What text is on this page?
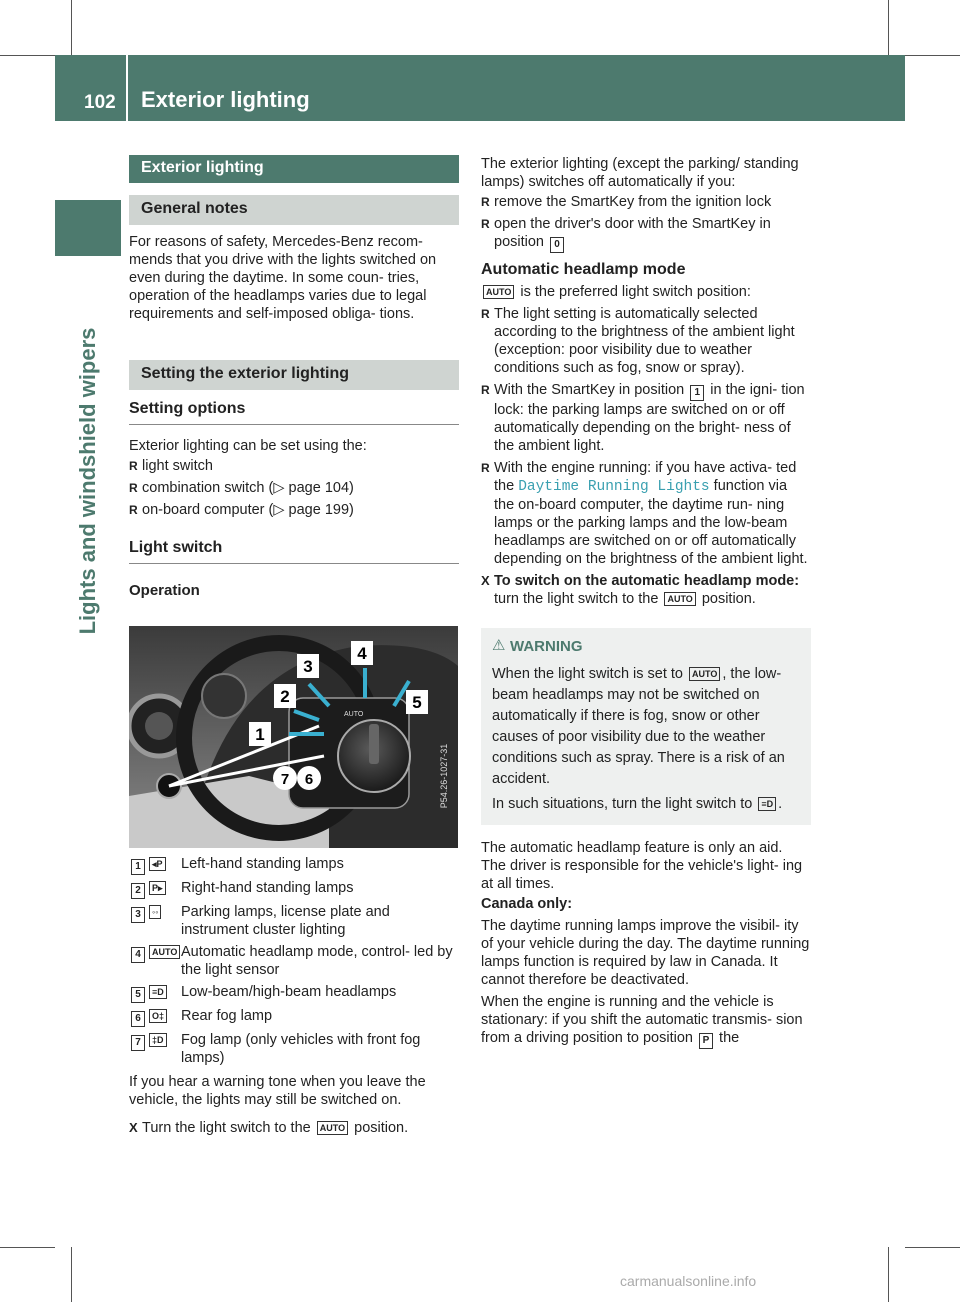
102 Exterior lighting
Lights and windshield wipers
Exterior lighting
General notes
For reasons of safety, Mercedes-Benz recom- mends that you drive with the lights switched on even during the daytime. In some coun- tries, operation of the headlamps varies due to legal requirements and self-imposed obliga- tions.
Setting the exterior lighting
Setting options
Exterior lighting can be set using the:
R light switch
R combination switch (▷ page 104)
R on-board computer (▷ page 199)
Light switch
Operation
AUTO
1
2
3
4
5
6
7	P54.26-1027-31
1	◂P	Left-hand standing lamps
2	P▸	Right-hand standing lamps
3	◦◦	Parking lamps, license plate and instrument cluster lighting
4	AUTO Automatic headlamp mode, control- led by the light sensor
5	≡D	Low-beam/high-beam headlamps
6	O‡	Rear fog lamp
7	‡D	Fog lamp (only vehicles with front fog lamps)
If you hear a warning tone when you leave the vehicle, the lights may still be switched on.
X Turn the light switch to the AUTO position.
The exterior lighting (except the parking/ standing lamps) switches off automatically if you:
R remove the SmartKey from the ignition lock
R open the driver's door with the SmartKey in position 0
Automatic headlamp mode
AUTO is the preferred light switch position:
R The light setting is automatically selected according to the brightness of the ambient light (exception: poor visibility due to weather conditions such as fog, snow or spray).
R With the SmartKey in position 1 in the igni- tion lock: the parking lamps are switched on or off automatically depending on the bright- ness of the ambient light.
R With the engine running: if you have activa- ted the Daytime Running Lights function via the on-board computer, the daytime run- ning lamps or the parking lamps and the low-beam headlamps are switched on or off automatically depending on the brightness of the ambient light.
X To switch on the automatic headlamp mode: turn the light switch to the AUTO position.
⚠ WARNING
When the light switch is set to AUTO , the low-beam headlamps may not be switched on automatically if there is fog, snow or other causes of poor visibility due to the weather conditions such as spray. There is a risk of an accident.
In such situations, turn the light switch to ≡D .
The automatic headlamp feature is only an aid. The driver is responsible for the vehicle's light- ing at all times.
Canada only:
The daytime running lamps improve the visibil- ity of your vehicle during the day. The daytime running lamps function is required by law in Canada. It cannot therefore be deactivated.
When the engine is running and the vehicle is stationary: if you shift the automatic transmis- sion from a driving position to position P the
carmanualsonline.info
